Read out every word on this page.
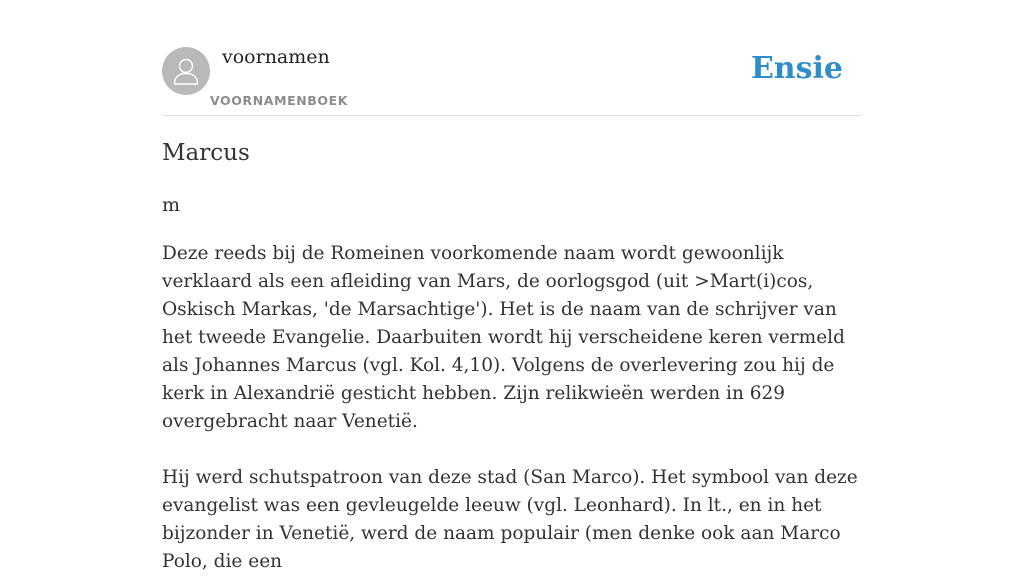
voornamen
VOORNAMENBOEK
Ensie
Marcus

m

Deze reeds bij de Romeinen voorkomende naam wordt gewoonlijk verklaard als een afleiding van Mars, de oorlogsgod (uit >Mart(i)cos, Oskisch Markas, 'de Marsachtige'). Het is de naam van de schrijver van het tweede Evangelie. Daarbuiten wordt hij verscheidene keren vermeld als Johannes Marcus (vgl. Kol. 4,10). Volgens de overlevering zou hij de kerk in Alexandrië gesticht hebben. Zijn relikwieën werden in 629 overgebracht naar Venetië.

Hij werd schutspatroon van deze stad (San Marco). Het symbool van deze evangelist was een gevleugelde leeuw (vgl. Leonhard). In lt., en in het bijzonder in Venetië, werd de naam populair (men denke ook aan Marco Polo, die een
